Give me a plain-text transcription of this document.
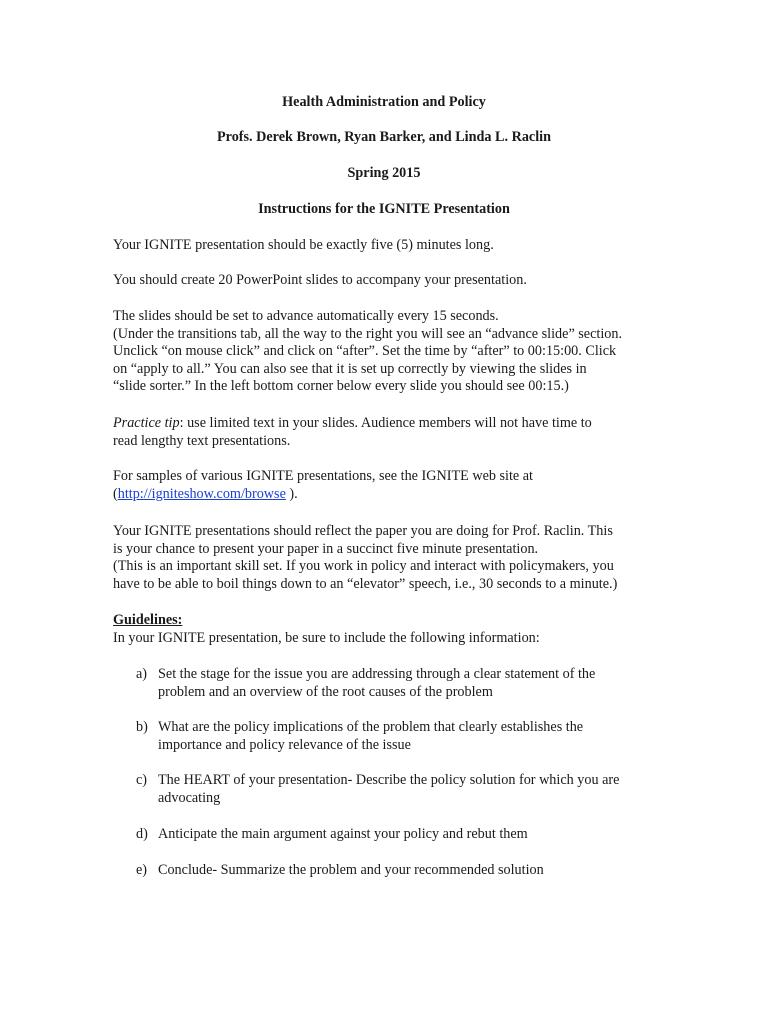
Health Administration and Policy
Profs. Derek Brown, Ryan Barker, and Linda L. Raclin
Spring 2015
Instructions for the IGNITE Presentation
Your IGNITE presentation should be exactly five (5) minutes long.
You should create 20 PowerPoint slides to accompany your presentation.
The slides should be set to advance automatically every 15 seconds.
(Under the transitions tab, all the way to the right you will see an “advance slide” section.
Unclick “on mouse click” and click on “after”. Set the time by “after” to 00:15:00. Click
on “apply to all.” You can also see that it is set up correctly by viewing the slides in
“slide sorter.” In the left bottom corner below every slide you should see 00:15.)
Practice tip: use limited text in your slides. Audience members will not have time to
read lengthy text presentations.
For samples of various IGNITE presentations, see the IGNITE web site at
(http://igniteshow.com/browse ).
Your IGNITE presentations should reflect the paper you are doing for Prof. Raclin. This
is your chance to present your paper in a succinct five minute presentation.
(This is an important skill set. If you work in policy and interact with policymakers, you
have to be able to boil things down to an “elevator” speech, i.e., 30 seconds to a minute.)
Guidelines:
In your IGNITE presentation, be sure to include the following information:
a) Set the stage for the issue you are addressing through a clear statement of the
problem and an overview of the root causes of the problem
b) What are the policy implications of the problem that clearly establishes the
importance and policy relevance of the issue
c) The HEART of your presentation- Describe the policy solution for which you are
advocating
d) Anticipate the main argument against your policy and rebut them
e) Conclude- Summarize the problem and your recommended solution
